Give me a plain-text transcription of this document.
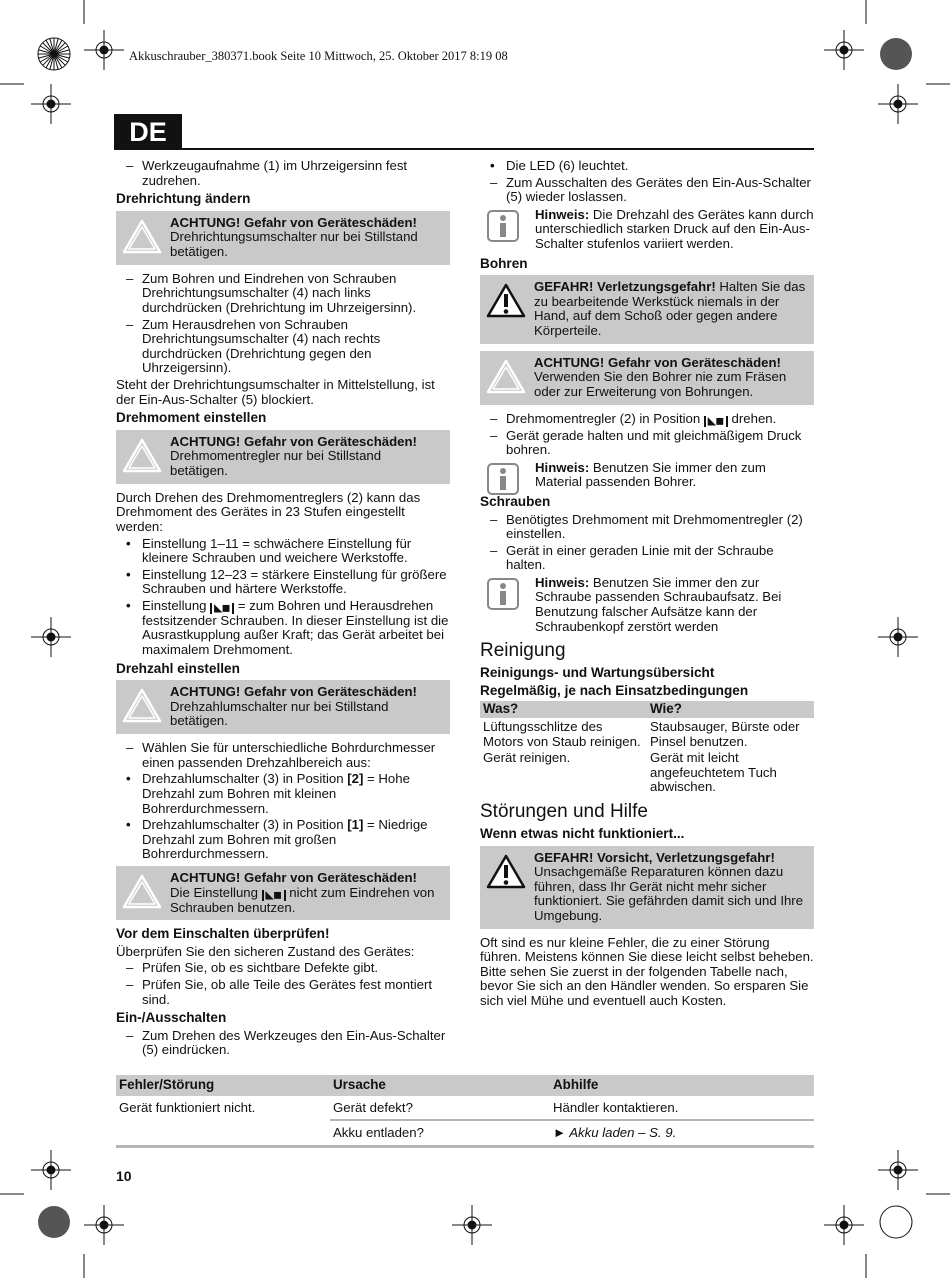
Akkuschrauber_380371.book Seite 10 Mittwoch, 25. Oktober 2017 8:19 08
DE
– Werkzeugaufnahme (1) im Uhrzeigersinn fest zudrehen.
Drehrichtung ändern
ACHTUNG! Gefahr von Geräteschäden!
Drehrichtungsumschalter nur bei Stillstand betätigen.
– Zum Bohren und Eindrehen von Schrauben Drehrichtungsumschalter (4) nach links durchdrücken (Drehrichtung im Uhrzeigersinn).
– Zum Herausdrehen von Schrauben Drehrichtungsumschalter (4) nach rechts durchdrücken (Drehrichtung gegen den Uhrzeigersinn).
Steht der Drehrichtungsumschalter in Mittelstellung, ist der Ein-Aus-Schalter (5) blockiert.
Drehmoment einstellen
ACHTUNG! Gefahr von Geräteschäden!
Drehmomentregler nur bei Stillstand betätigen.
Durch Drehen des Drehmomentreglers (2) kann das Drehmoment des Gerätes in 23 Stufen eingestellt werden:
• Einstellung 1–11 = schwächere Einstellung für kleinere Schrauben und weichere Werkstoffe.
• Einstellung 12–23 = stärkere Einstellung für größere Schrauben und härtere Werkstoffe.
• Einstellung ◣◼ = zum Bohren und Herausdrehen festsitzender Schrauben. In dieser Einstellung ist die Ausrastkupplung außer Kraft; das Gerät arbeitet bei maximalem Drehmoment.
Drehzahl einstellen
ACHTUNG! Gefahr von Geräteschäden!
Drehzahlumschalter nur bei Stillstand betätigen.
– Wählen Sie für unterschiedliche Bohrdurchmesser einen passenden Drehzahlbereich aus:
• Drehzahlumschalter (3) in Position [2] = Hohe Drehzahl zum Bohren mit kleinen Bohrerdurchmessern.
• Drehzahlumschalter (3) in Position [1] = Niedrige Drehzahl zum Bohren mit großen Bohrerdurchmessern.
ACHTUNG! Gefahr von Geräteschäden!
Die Einstellung ◣◼ nicht zum Eindrehen von Schrauben benutzen.
Vor dem Einschalten überprüfen!
Überprüfen Sie den sicheren Zustand des Gerätes:
– Prüfen Sie, ob es sichtbare Defekte gibt.
– Prüfen Sie, ob alle Teile des Gerätes fest montiert sind.
Ein-/Ausschalten
– Zum Drehen des Werkzeuges den Ein-Aus-Schalter (5) eindrücken.
• Die LED (6) leuchtet.
– Zum Ausschalten des Gerätes den Ein-Aus-Schalter (5) wieder loslassen.
Hinweis: Die Drehzahl des Gerätes kann durch unterschiedlich starken Druck auf den Ein-Aus-Schalter stufenlos variiert werden.
Bohren
GEFAHR! Verletzungsgefahr! Halten Sie das zu bearbeitende Werkstück niemals in der Hand, auf dem Schoß oder gegen andere Körperteile.
ACHTUNG! Gefahr von Geräteschäden!
Verwenden Sie den Bohrer nie zum Fräsen oder zur Erweiterung von Bohrungen.
– Drehmomentregler (2) in Position ◣◼ drehen.
– Gerät gerade halten und mit gleichmäßigem Druck bohren.
Hinweis: Benutzen Sie immer den zum Material passenden Bohrer.
Schrauben
– Benötigtes Drehmoment mit Drehmomentregler (2) einstellen.
– Gerät in einer geraden Linie mit der Schraube halten.
Hinweis: Benutzen Sie immer den zur Schraube passenden Schraubaufsatz. Bei Benutzung falscher Aufsätze kann der Schraubenkopf zerstört werden
Reinigung
Reinigungs- und Wartungsübersicht
Regelmäßig, je nach Einsatzbedingungen
Was?	Wie?
Lüftungsschlitze des Motors von Staub reinigen.	Staubsauger, Bürste oder Pinsel benutzen.
Gerät reinigen.	Gerät mit leicht angefeuchtetem Tuch abwischen.
Störungen und Hilfe
Wenn etwas nicht funktioniert...
GEFAHR! Vorsicht, Verletzungsgefahr!
Unsachgemäße Reparaturen können dazu führen, dass Ihr Gerät nicht mehr sicher funktioniert. Sie gefährden damit sich und Ihre Umgebung.
Oft sind es nur kleine Fehler, die zu einer Störung führen. Meistens können Sie diese leicht selbst beheben. Bitte sehen Sie zuerst in der folgenden Tabelle nach, bevor Sie sich an den Händler wenden. So ersparen Sie sich viel Mühe und eventuell auch Kosten.
Fehler/Störung	Ursache	Abhilfe
Gerät funktioniert nicht.	Gerät defekt?	Händler kontaktieren.
	Akku entladen?	► Akku laden – S. 9.
10
